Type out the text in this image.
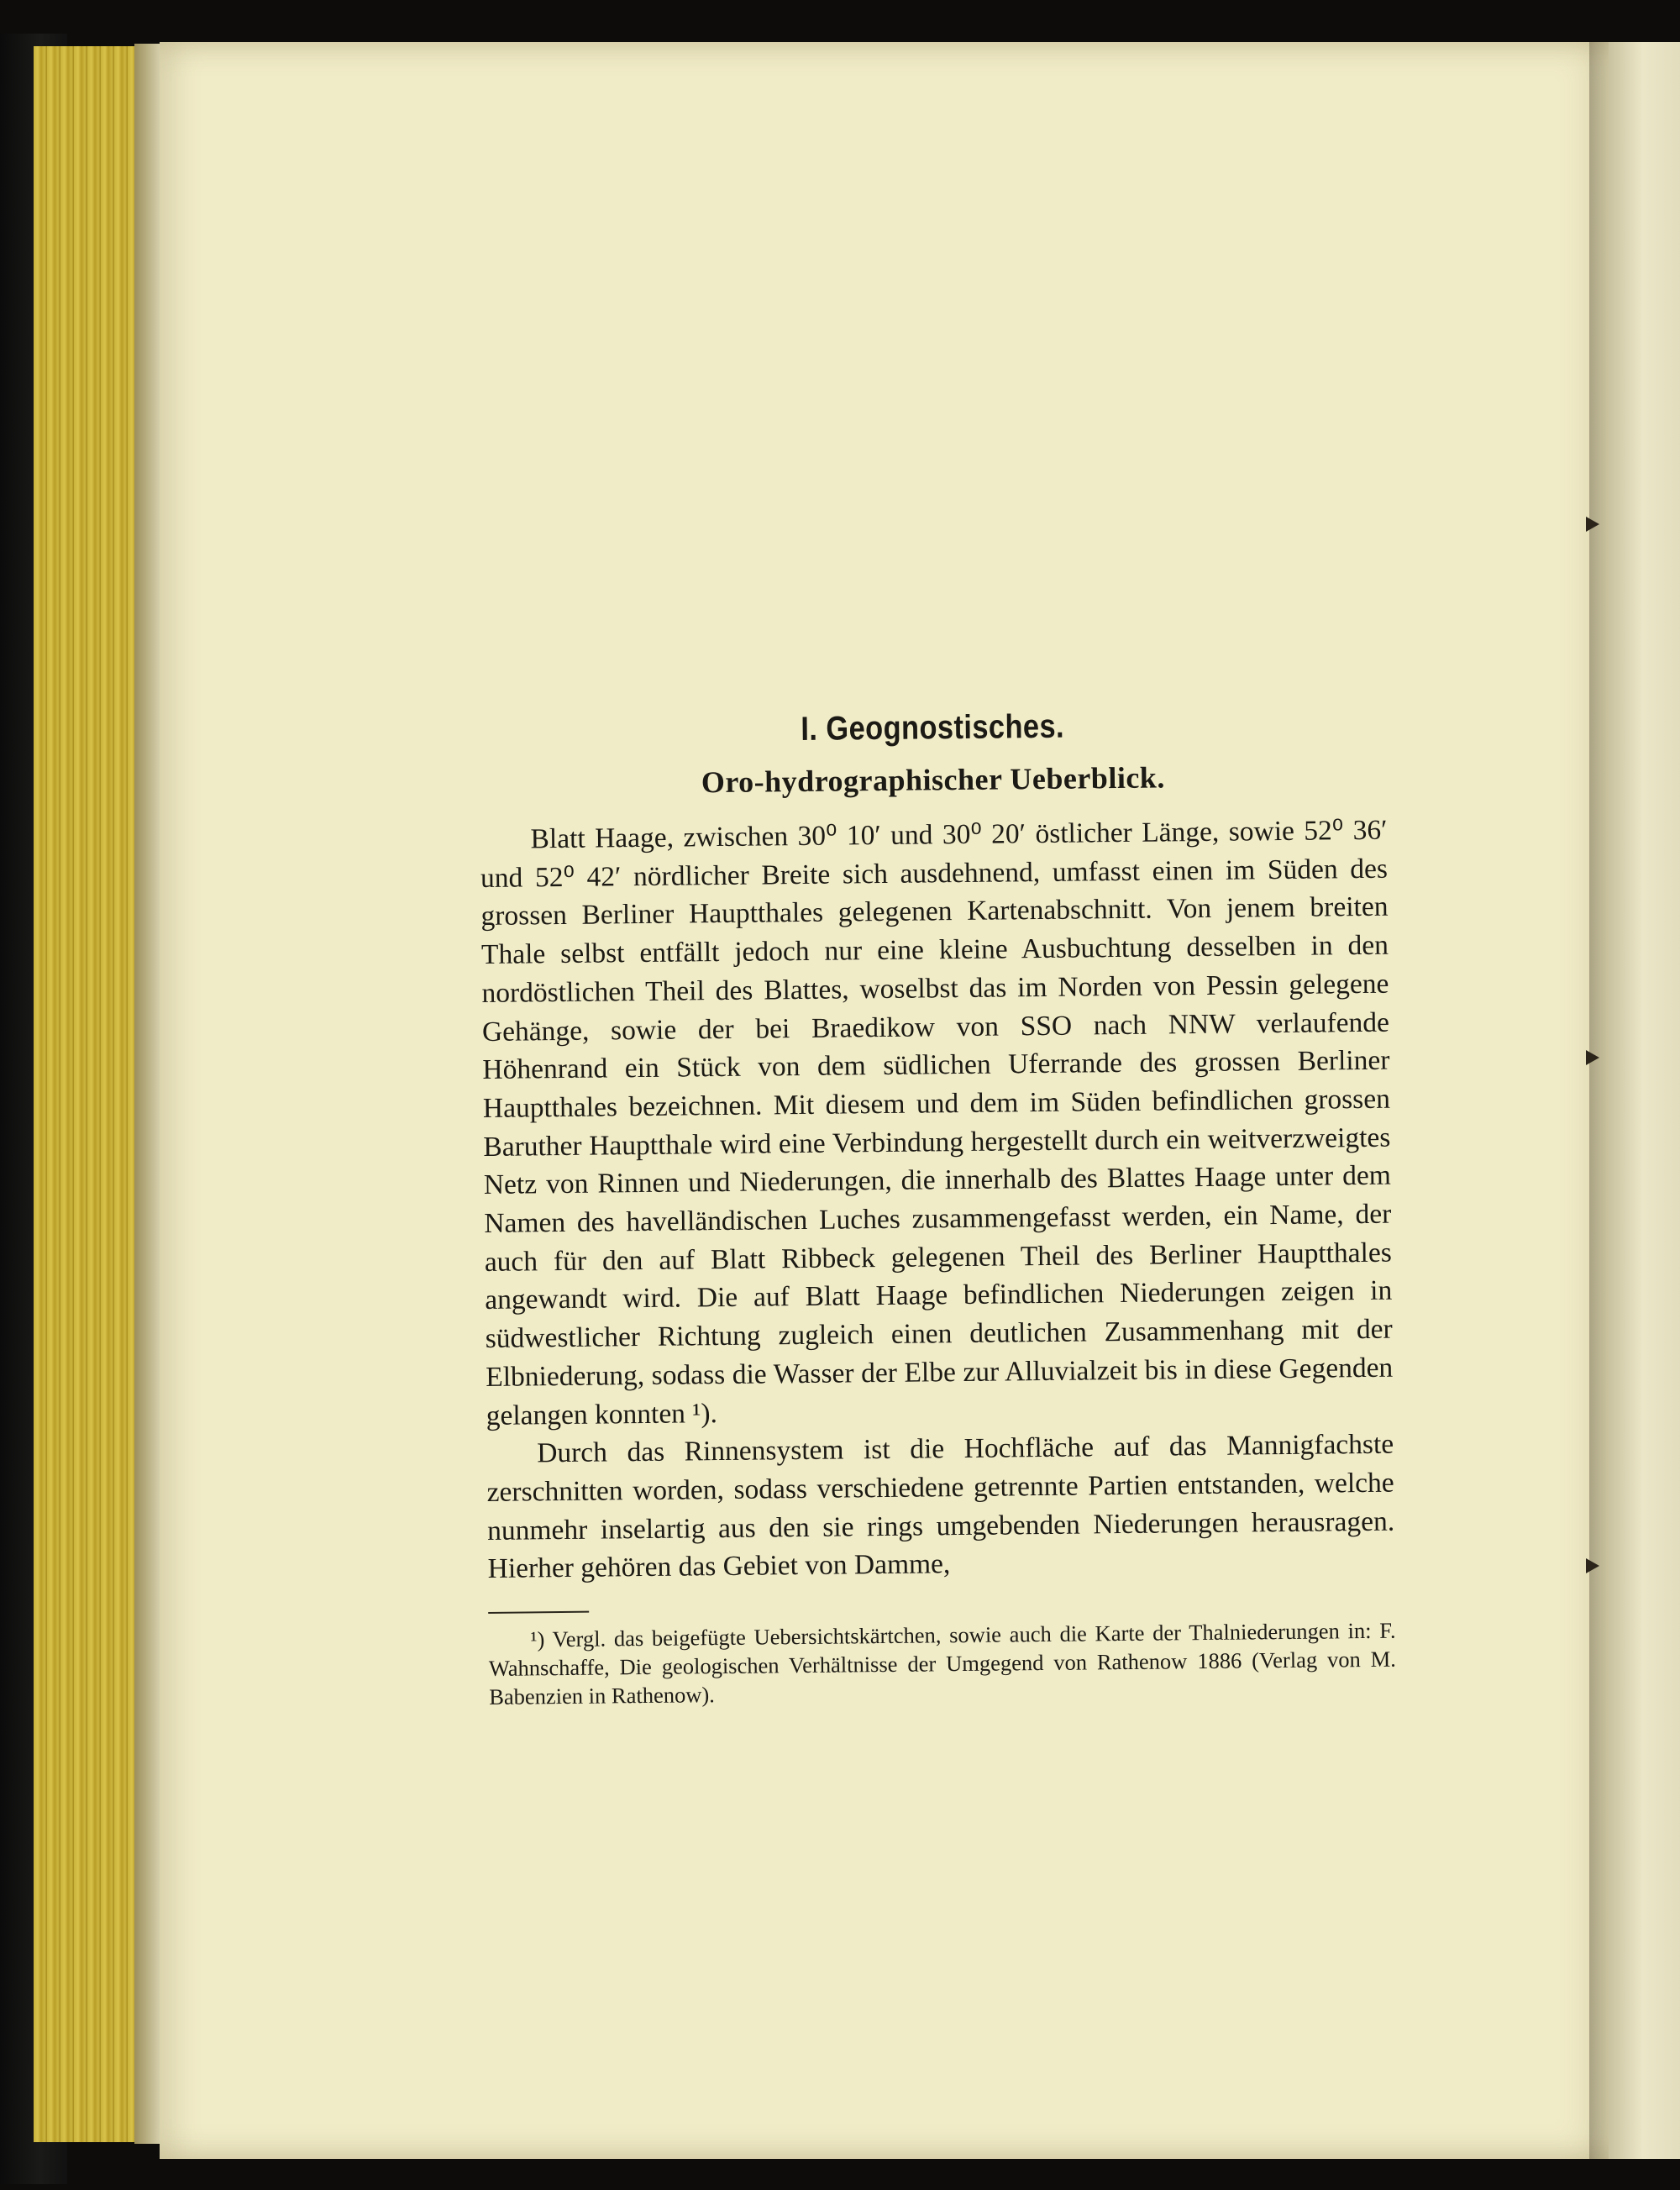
I. Geognostisches.
Oro-hydrographischer Ueberblick.

Blatt Haage, zwischen 30⁰ 10′ und 30⁰ 20′ östlicher Länge, sowie 52⁰ 36′ und 52⁰ 42′ nördlicher Breite sich ausdehnend, umfasst einen im Süden des grossen Berliner Hauptthales gelegenen Kartenabschnitt. Von jenem breiten Thale selbst entfällt jedoch nur eine kleine Ausbuchtung desselben in den nordöstlichen Theil des Blattes, woselbst das im Norden von Pessin gelegene Gehänge, sowie der bei Braedikow von SSO nach NNW verlaufende Höhenrand ein Stück von dem südlichen Uferrande des grossen Berliner Hauptthales bezeichnen. Mit diesem und dem im Süden befindlichen grossen Baruther Hauptthale wird eine Verbindung hergestellt durch ein weitverzweigtes Netz von Rinnen und Niederungen, die innerhalb des Blattes Haage unter dem Namen des havelländischen Luches zusammengefasst werden, ein Name, der auch für den auf Blatt Ribbeck gelegenen Theil des Berliner Hauptthales angewandt wird. Die auf Blatt Haage befindlichen Niederungen zeigen in südwestlicher Richtung zugleich einen deutlichen Zusammenhang mit der Elbniederung, sodass die Wasser der Elbe zur Alluvialzeit bis in diese Gegenden gelangen konnten ¹).

Durch das Rinnensystem ist die Hochfläche auf das Mannigfachste zerschnitten worden, sodass verschiedene getrennte Partien entstanden, welche nunmehr inselartig aus den sie rings umgebenden Niederungen herausragen. Hierher gehören das Gebiet von Damme,

¹) Vergl. das beigefügte Uebersichtskärtchen, sowie auch die Karte der Thalniederungen in: F. Wahnschaffe, Die geologischen Verhältnisse der Umgegend von Rathenow 1886 (Verlag von M. Babenzien in Rathenow).
